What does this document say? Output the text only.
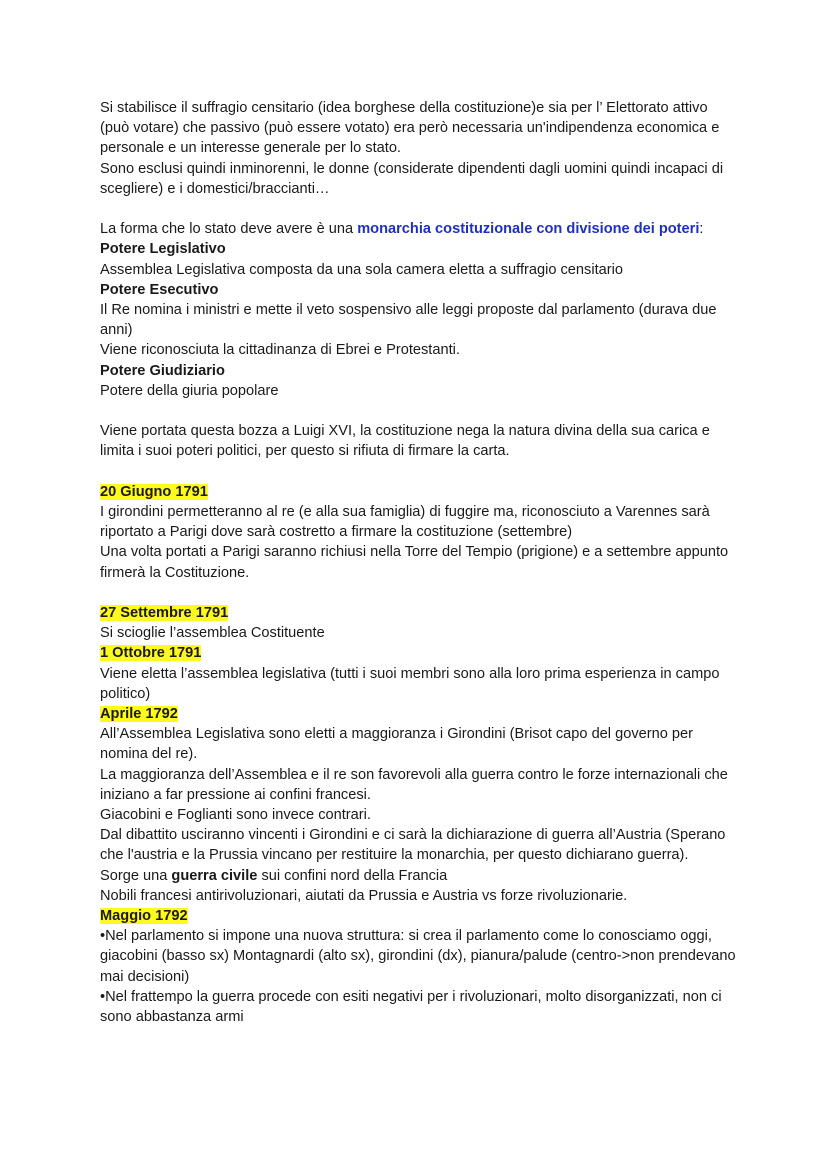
Si stabilisce il suffragio censitario (idea borghese della costituzione)e sia per l’ Elettorato attivo (può votare) che passivo (può essere votato) era però necessaria un'indipendenza economica e personale e un interesse generale per lo stato.

Sono esclusi quindi inminorenni, le donne (considerate dipendenti dagli uomini quindi incapaci di scegliere) e i domestici/braccianti…

La forma che lo stato deve avere è una monarchia costituzionale con divisione dei poteri:

Potere Legislativo

Assemblea Legislativa composta da una sola camera eletta a suffragio censitario

Potere Esecutivo

Il Re nomina i ministri e mette il veto sospensivo alle leggi proposte dal parlamento (durava due anni)

Viene riconosciuta la cittadinanza di Ebrei e Protestanti.

Potere Giudiziario

Potere della giuria popolare

Viene portata questa bozza a Luigi XVI, la costituzione nega la natura divina della sua carica e limita i suoi poteri politici, per questo si rifiuta di firmare la carta.

20 Giugno 1791

I girondini permetteranno al re (e alla sua famiglia) di fuggire ma, riconosciuto a Varennes sarà riportato a Parigi dove sarà costretto a firmare la costituzione (settembre)

Una volta portati a Parigi saranno richiusi nella Torre del Tempio (prigione) e a settembre appunto firmerà la Costituzione.

27 Settembre 1791

Si scioglie l’assemblea Costituente

1 Ottobre 1791

Viene eletta l’assemblea legislativa (tutti i suoi membri sono alla loro prima esperienza in campo politico)

Aprile 1792

All’Assemblea Legislativa sono eletti a maggioranza i Girondini (Brisot capo del governo per nomina del re).

La maggioranza dell’Assemblea e il re son favorevoli alla guerra contro le forze internazionali che iniziano a far pressione ai confini francesi.

Giacobini e Foglianti sono invece contrari.

Dal dibattito usciranno vincenti i Girondini e ci sarà la dichiarazione di guerra all’Austria (Sperano che l'austria e la Prussia vincano per restituire la monarchia, per questo dichiarano guerra).

Sorge una guerra civile sui confini nord della Francia

Nobili francesi antirivoluzionari, aiutati da Prussia e Austria vs forze rivoluzionarie.

Maggio 1792

•Nel parlamento si impone una nuova struttura: si crea il parlamento come lo conosciamo oggi, giacobini (basso sx) Montagnardi (alto sx), girondini (dx), pianura/palude (centro->non prendevano mai decisioni)

•Nel frattempo la guerra procede con esiti negativi per i rivoluzionari, molto disorganizzati, non ci sono abbastanza armi
